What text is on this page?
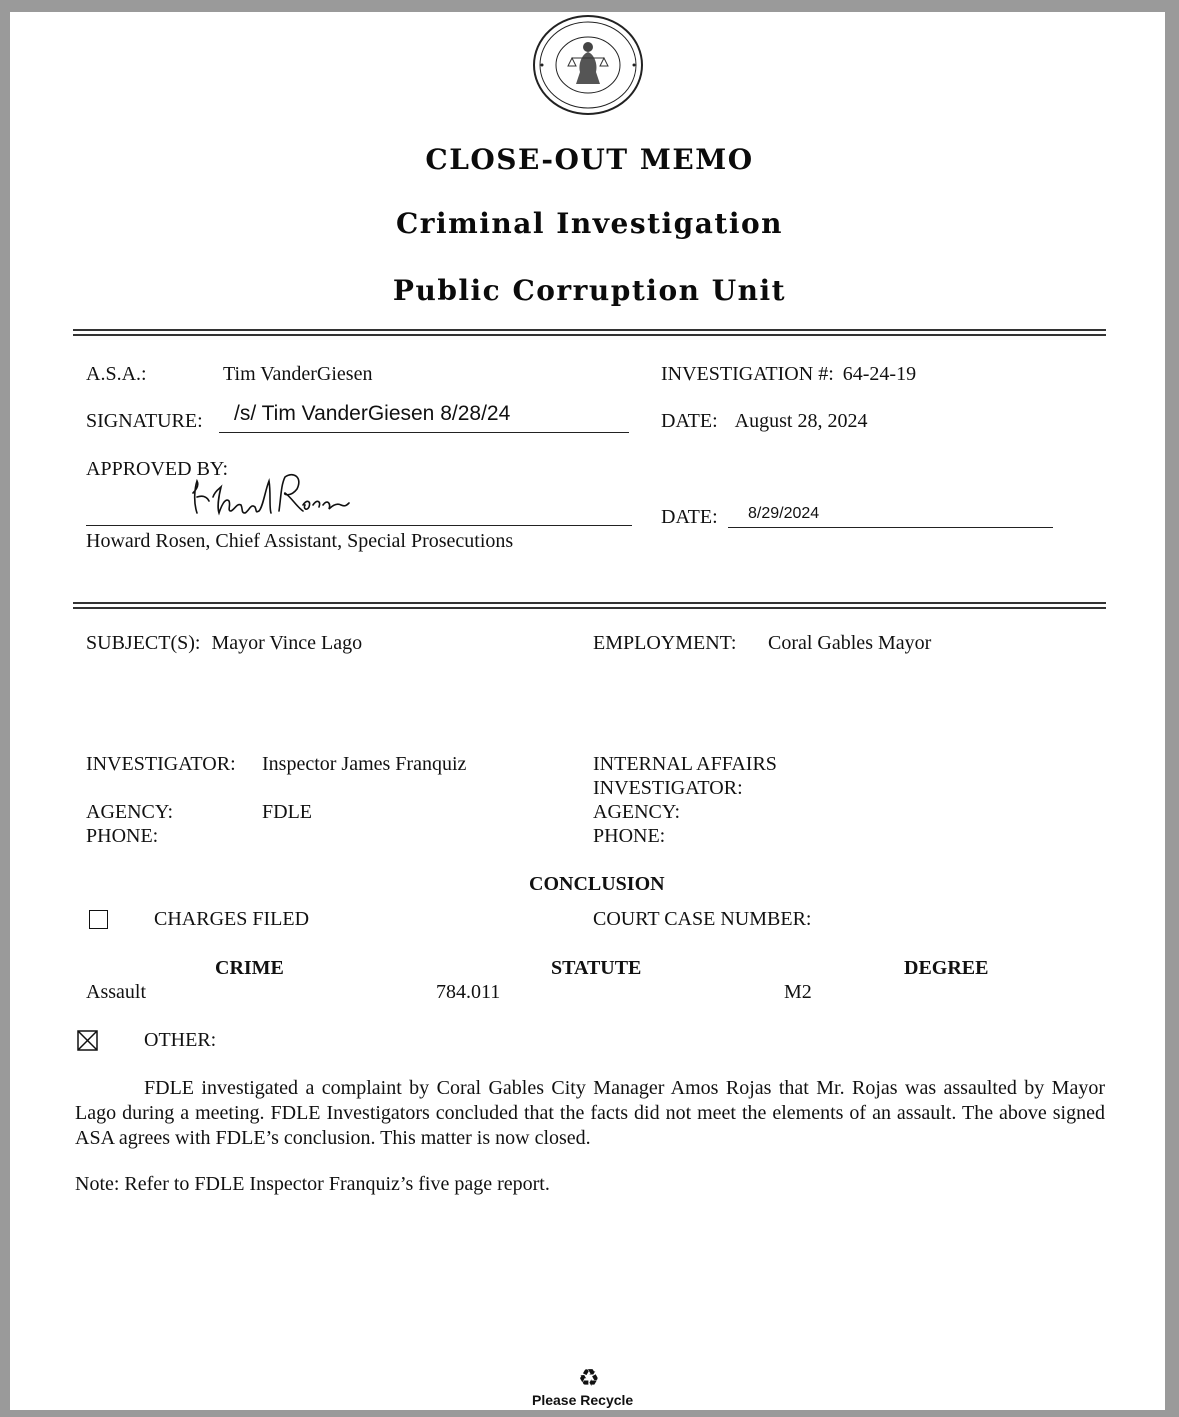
CLOSE-OUT MEMO
Criminal Investigation
Public Corruption Unit
A.S.A.:	Tim VanderGiesen	INVESTIGATION #: 64-24-19
SIGNATURE: /s/ Tim VanderGiesen 8/28/24	DATE: August 28, 2024
APPROVED BY:
Howard Rosen, Chief Assistant, Special Prosecutions
DATE: 8/29/2024
SUBJECT(S): Mayor Vince Lago	EMPLOYMENT: Coral Gables Mayor
INVESTIGATOR: Inspector James Franquiz
AGENCY:	FDLE
PHONE:
INTERNAL AFFAIRS
INVESTIGATOR:
AGENCY:
PHONE:
CONCLUSION
CHARGES FILED	COURT CASE NUMBER:
CRIME	STATUTE	DEGREE
Assault	784.011	M2
OTHER:
FDLE investigated a complaint by Coral Gables City Manager Amos Rojas that Mr. Rojas was assaulted by Mayor Lago during a meeting. FDLE Investigators concluded that the facts did not meet the elements of an assault. The above signed ASA agrees with FDLE’s conclusion. This matter is now closed.
Note: Refer to FDLE Inspector Franquiz’s five page report.
♻
Please Recycle
